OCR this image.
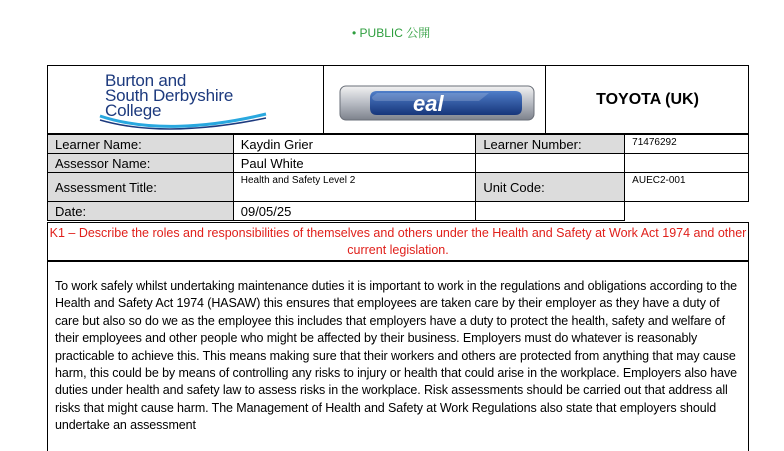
• PUBLIC 公開
Burton and
South Derbyshire
College	eal	TOYOTA (UK)
Learner Name:	Kaydin Grier	Learner Number:	71476292
Assessor Name:	Paul White		
Assessment Title:	Health and Safety Level 2	Unit Code:	AUEC2-001
Date:	09/05/25		
K1 – Describe the roles and responsibilities of themselves and others under the Health and Safety at Work Act 1974 and other current legislation.
To work safely whilst undertaking maintenance duties it is important to work in the regulations and obligations according to the Health and Safety Act 1974 (HASAW) this ensures that employees are taken care by their employer as they have a duty of care but also so do we as the employee this includes that employers have a duty to protect the health, safety and welfare of their employees and other people who might be affected by their business. Employers must do whatever is reasonably practicable to achieve this. This means making sure that their workers and others are protected from anything that may cause harm, this could be by means of controlling any risks to injury or health that could arise in the workplace. Employers also have duties under health and safety law to assess risks in the workplace. Risk assessments should be carried out that address all risks that might cause harm. The Management of Health and Safety at Work Regulations also state that employers should undertake an assessment
